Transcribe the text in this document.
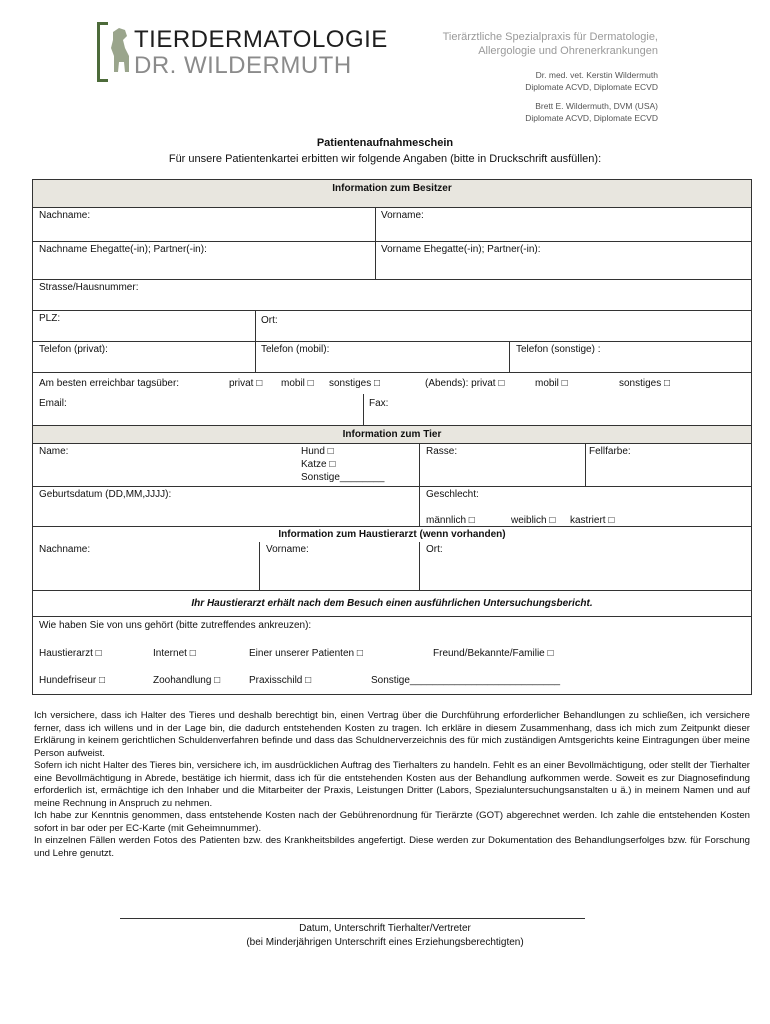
TIERDERMATOLOGIE
DR. WILDERMUTH
Tierärztliche Spezialpraxis für Dermatologie,
Allergologie und Ohrenerkrankungen
Dr. med. vet. Kerstin Wildermuth
Diplomate ACVD, Diplomate ECVD
Brett E. Wildermuth, DVM (USA)
Diplomate ACVD, Diplomate ECVD
Patientenaufnahmeschein
Für unsere Patientenkartei erbitten wir folgende Angaben (bitte in Druckschrift ausfüllen):
Information zum Besitzer
Nachname:	Vorname:
Nachname Ehegatte(-in); Partner(-in):	Vorname Ehegatte(-in); Partner(-in):
Strasse/Hausnummer:
PLZ:	Ort:
Telefon (privat):	Telefon (mobil):	Telefon (sonstige) :
Am besten erreichbar tagsüber:	privat □ mobil □ sonstiges □	(Abends): privat □	mobil □	sonstiges □
Email:	Fax:
Information zum Tier
Name:	Hund □
Katze □
Sonstige________
Rasse:	Fellfarbe:
Geburtsdatum (DD,MM,JJJJ):	Geschlecht:
männlich □	weiblich □ kastriert □
Information zum Haustierarzt (wenn vorhanden)
Nachname:	Vorname:	Ort:
Ihr Haustierarzt erhält nach dem Besuch einen ausführlichen Untersuchungsbericht.
Wie haben Sie von uns gehört (bitte zutreffendes ankreuzen):
Haustierarzt □	Internet □	Einer unserer Patienten □	Freund/Bekannte/Familie □
Hundefriseur □	Zoohandlung □	Praxisschild □	Sonstige___________________________

Ich versichere, dass ich Halter des Tieres und deshalb berechtigt bin, einen Vertrag über die Durchführung erforderlicher Behandlungen zu schließen, ich versichere ferner, dass ich willens und in der Lage bin, die dadurch entstehenden Kosten zu tragen. Ich erkläre in diesem Zusammenhang, dass ich mich zum Zeitpunkt dieser Erklärung in keinem gerichtlichen Schuldenverfahren befinde und dass das Schuldnerverzeichnis des für mich zuständigen Amtsgerichts keine Eintragungen über meine Person aufweist.

Sofern ich nicht Halter des Tieres bin, versichere ich, im ausdrücklichen Auftrag des Tierhalters zu handeln. Fehlt es an einer Bevollmächtigung, oder stellt der Tierhalter eine Bevollmächtigung in Abrede, bestätige ich hiermit, dass ich für die entstehenden Kosten aus der Behandlung aufkommen werde. Soweit es zur Diagnosefindung erforderlich ist, ermächtige ich den Inhaber und die Mitarbeiter der Praxis, Leistungen Dritter (Labors, Spezialuntersuchungsanstalten u ä.) in meinem Namen und auf meine Rechnung in Anspruch zu nehmen.

Ich habe zur Kenntnis genommen, dass entstehende Kosten nach der Gebührenordnung für Tierärzte (GOT) abgerechnet werden. Ich zahle die entstehenden Kosten sofort in bar oder per EC-Karte (mit Geheimnummer).

In einzelnen Fällen werden Fotos des Patienten bzw. des Krankheitsbildes angefertigt. Diese werden zur Dokumentation des Behandlungserfolges bzw. für Forschung und Lehre genutzt.

Datum, Unterschrift Tierhalter/Vertreter
(bei Minderjährigen Unterschrift eines Erziehungsberechtigten)
